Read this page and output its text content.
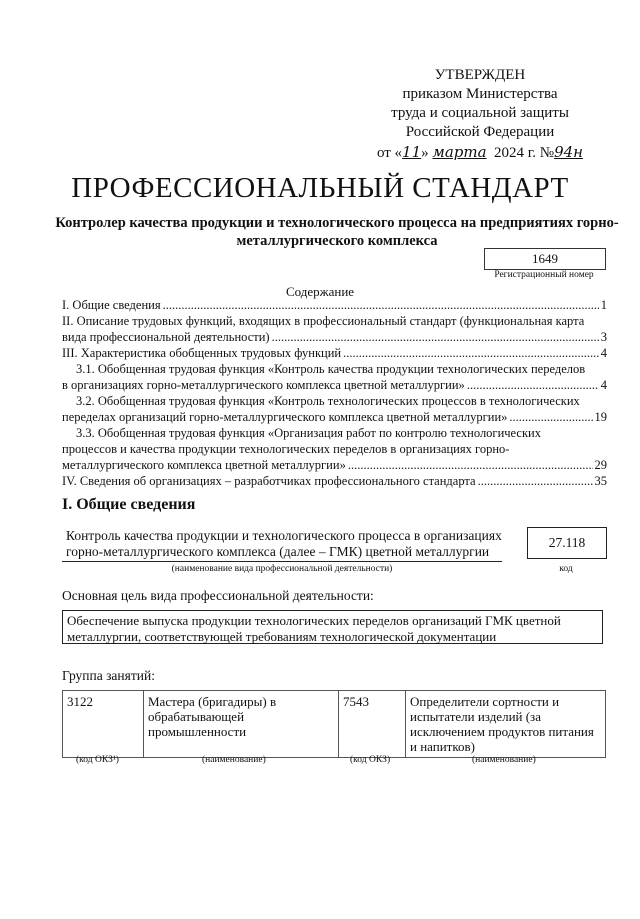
УТВЕРЖДЕН
приказом Министерства
труда и социальной защиты
Российской Федерации
от «11» марта 2024 г. №94н
ПРОФЕССИОНАЛЬНЫЙ СТАНДАРТ
Контролер качества продукции и технологического процесса на предприятиях горно-металлургического комплекса
1649
Регистрационный номер
Содержание
I. Общие сведения .....	1
II. Описание трудовых функций, входящих в профессиональный стандарт (функциональная карта
вида профессиональной деятельности) .....	3
III. Характеристика обобщенных трудовых функций .....	4
3.1. Обобщенная трудовая функция «Контроль качества продукции технологических переделов
в организациях горно-металлургического комплекса цветной металлургии» .....	4
3.2. Обобщенная трудовая функция «Контроль технологических процессов в технологических
переделах организаций горно-металлургического комплекса цветной металлургии» .....	19
3.3. Обобщенная трудовая функция «Организация работ по контролю технологических
процессов и качества продукции технологических переделов в организациях горно-
металлургического комплекса цветной металлургии» .....	29
IV. Сведения об организациях – разработчиках профессионального стандарта .....	35
I. Общие сведения
Контроль качества продукции и технологического процесса в организациях
горно-металлургического комплекса (далее – ГМК) цветной металлургии
(наименование вида профессиональной деятельности)
27.118
код
Основная цель вида профессиональной деятельности:
Обеспечение выпуска продукции технологических переделов организаций ГМК цветной металлургии, соответствующей требованиям технологической документации
Группа занятий:
3122	Мастера (бригадиры) в обрабатывающей промышленности	7543	Определители сортности и испытатели изделий (за исключением продуктов питания и напитков)
(код ОКЗ¹)	(наименование)	(код ОКЗ)	(наименование)
